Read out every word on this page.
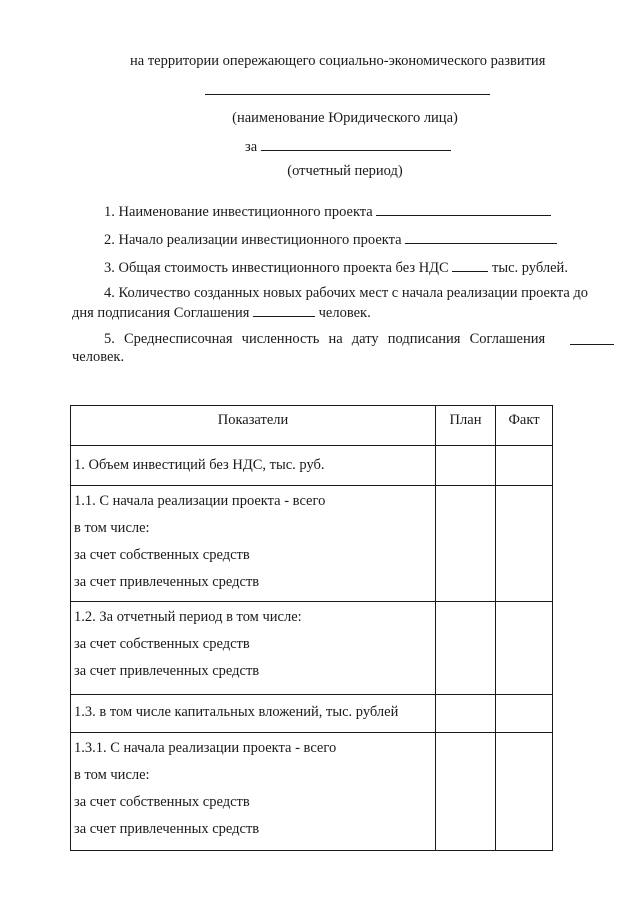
на территории опережающего социально-экономического развития
(наименование Юридического лица)
за
(отчетный период)
1. Наименование инвестиционного проекта
2. Начало реализации инвестиционного проекта
3. Общая стоимость инвестиционного проекта без НДС	тыс. рублей.
4. Количество созданных новых рабочих мест с начала реализации проекта до
дня подписания Соглашения	человек.
5. Среднесписочная численность на дату подписания Соглашения
человек.
Показатели	План	Факт

1. Объем инвестиций без НДС, тыс. руб.		

1.1. С начала реализации проекта - всего
в том числе:
за счет собственных средств
за счет привлеченных средств		

1.2. За отчетный период в том числе:
за счет собственных средств
за счет привлеченных средств		

1.3. в том числе капитальных вложений, тыс. рублей		

1.3.1. С начала реализации проекта - всего
в том числе:
за счет собственных средств
за счет привлеченных средств		
